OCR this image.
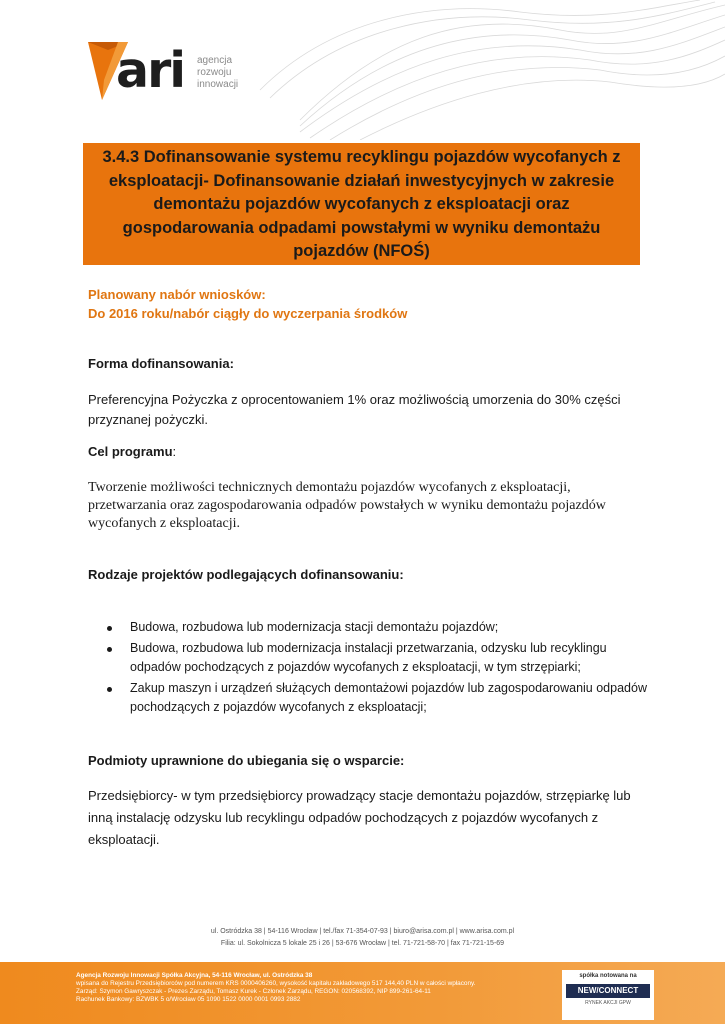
ari agencja
rozwoju
innowacji
3.4.3 Dofinansowanie systemu recyklingu pojazdów wycofanych z
eksploatacji- Dofinansowanie działań inwestycyjnych w zakresie
demontażu pojazdów wycofanych z eksploatacji oraz
gospodarowania odpadami powstałymi w wyniku demontażu
pojazdów (NFOŚ)
Planowany nabór wniosków:
Do 2016 roku/nabór ciągły do wyczerpania środków
Forma dofinansowania:
Preferencyjna Pożyczka z oprocentowaniem 1% oraz możliwością umorzenia do 30% części przyznanej pożyczki.
Cel programu:
Tworzenie możliwości technicznych demontażu pojazdów wycofanych z eksploatacji, przetwarzania oraz zagospodarowania odpadów powstałych w wyniku demontażu pojazdów wycofanych z eksploatacji.
Rodzaje projektów podlegających dofinansowaniu:
Budowa, rozbudowa lub modernizacja stacji demontażu pojazdów;
Budowa, rozbudowa lub modernizacja instalacji przetwarzania, odzysku lub recyklingu odpadów pochodzących z pojazdów wycofanych z eksploatacji, w tym strzępiarki;
Zakup maszyn i urządzeń służących demontażowi pojazdów lub zagospodarowaniu odpadów pochodzących z pojazdów wycofanych z eksploatacji;
Podmioty uprawnione do ubiegania się o wsparcie:
Przedsiębiorcy- w tym przedsiębiorcy prowadzący stacje demontażu pojazdów, strzępiarkę lub inną instalację odzysku lub recyklingu odpadów pochodzących z pojazdów wycofanych z eksploatacji.
ul. Ostródzka 38 | 54-116 Wrocław | tel./fax 71-354-07-93 | biuro@arisa.com.pl | www.arisa.com.pl
Filia: ul. Sokolnicza 5 lokale 25 i 26 | 53-676 Wrocław | tel. 71-721-58-70 | fax 71-721-15-69
Agencja Rozwoju Innowacji Spółka Akcyjna, 54-116 Wrocław, ul. Ostródzka 38
wpisana do Rejestru Przedsiębiorców pod numerem KRS 0000406260, wysokość kapitału zakładowego 517 144,40 PLN w całości wpłacony.
Zarząd: Szymon Gawryszczak - Prezes Zarządu, Tomasz Kurek - Członek Zarządu, REGON: 020568392, NIP 899-261-64-11
Rachunek Bankowy: BZWBK 5 o/Wrocław 05 1090 1522 0000 0001 0993 2882
spółka notowana na
NEW/CONNECT
RYNEK AKCJI GPW
